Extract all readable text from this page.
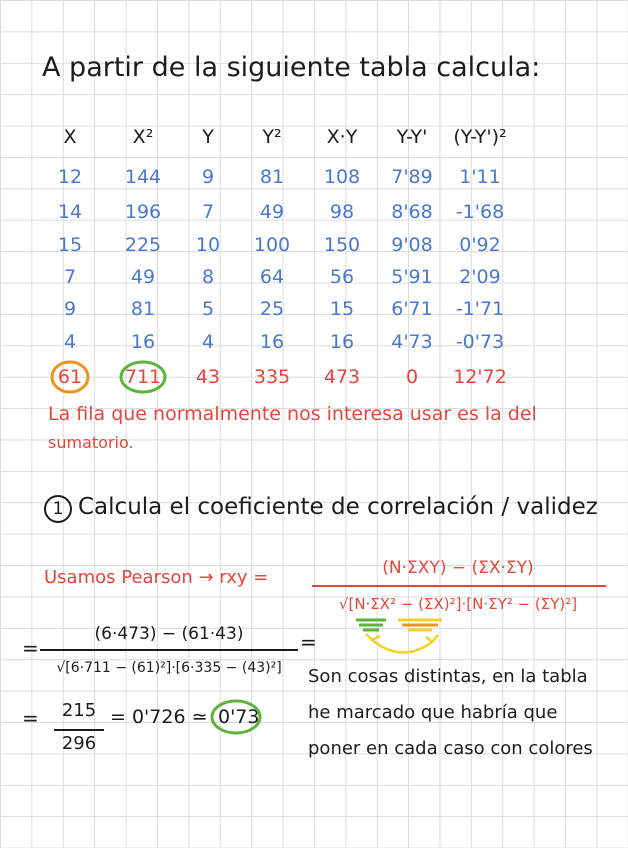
A partir de la siguiente tabla calcula:
X	X²	Y	Y²	X·Y	Y-Y'	(Y-Y')²
12	144	9	81	108	7'89	1'11
14	196	7	49	98	8'68	-1'68
15	225	10	100	150	9'08	0'92
7	49	8	64	56	5'91	2'09
9	81	5	25	15	6'71	-1'71
4	16	4	16	16	4'73	-0'73
61	711	43	335	473	0	12'72
La fila que normalmente nos interesa usar es la del
sumatorio.
1 Calcula el coeficiente de correlación / validez
Usamos Pearson → rxy =	(N·ΣXY) − (ΣX·ΣY)
√[N·ΣX² − (ΣX)²]·[N·ΣY² − (ΣY)²]
=
(6·473) − (61·43)
√[6·711 − (61)²]·[6·335 − (43)²]
=
=	215
296
= 0'726 ≃ 0'73
Son cosas distintas, en la tabla
he marcado que habría que
poner en cada caso con colores
